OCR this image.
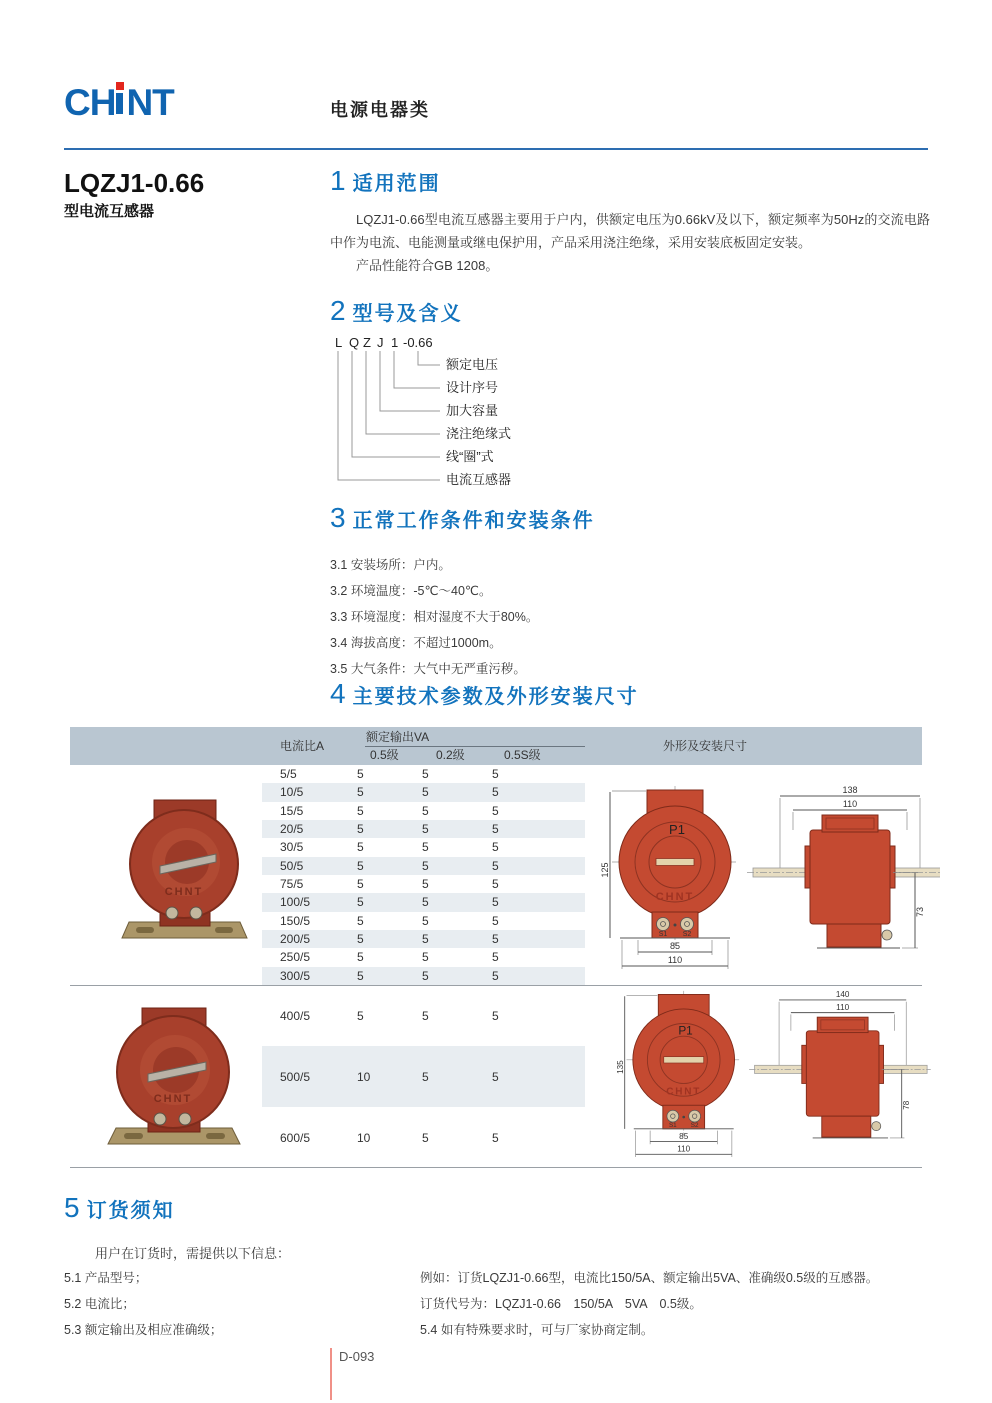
CH NT	电源电器类
LQZJ1-0.66
型电流互感器
1 适用范围
LQZJ1-0.66型电流互感器主要用于户内，供额定电压为0.66kV及以下，额定频率为50Hz的交流电路中作为电流、电能测量或继电保护用，产品采用浇注绝缘，采用安装底板固定安装。
产品性能符合GB 1208。
2 型号及含义
L Q Z J 1 -0.66
额定电压
设计序号
加大容量
浇注绝缘式
线“圈”式
电流互感器
3 正常工作条件和安装条件
3.1 安装场所：户内。
3.2 环境温度：-5℃～40℃。
3.3 环境湿度：相对湿度不大于80%。
3.4 海拔高度：不超过1000m。
3.5 大气条件：大气中无严重污秽。
4 主要技术参数及外形安装尺寸
电流比A
额定输出VA
0.5级	0.2级	0.5S级
外形及安装尺寸
5/5	5	5	5
10/5	5	5	5
15/5	5	5	5
20/5	5	5	5
30/5	5	5	5
50/5	5	5	5
75/5	5	5	5
100/5	5	5	5
150/5	5	5	5
200/5	5	5	5
250/5	5	5	5
300/5	5	5	5
400/5	5	5	5
500/5	10	5	5
600/5	10	5	5
CHNT
CHNT
P1
CHNT
S1 S2
125
85
110
138
110
73
P1
CHNT
S1 S2
135
85
110
140
110
78
5 订货须知
用户在订货时，需提供以下信息：
5.1 产品型号；	例如：订货LQZJ1-0.66型，电流比150/5A、额定输出5VA、准确级0.5级的互感器。
5.2 电流比；	订货代号为：LQZJ1-0.66　150/5A　5VA　0.5级。
5.3 额定输出及相应准确级；	5.4 如有特殊要求时，可与厂家协商定制。
D-093
